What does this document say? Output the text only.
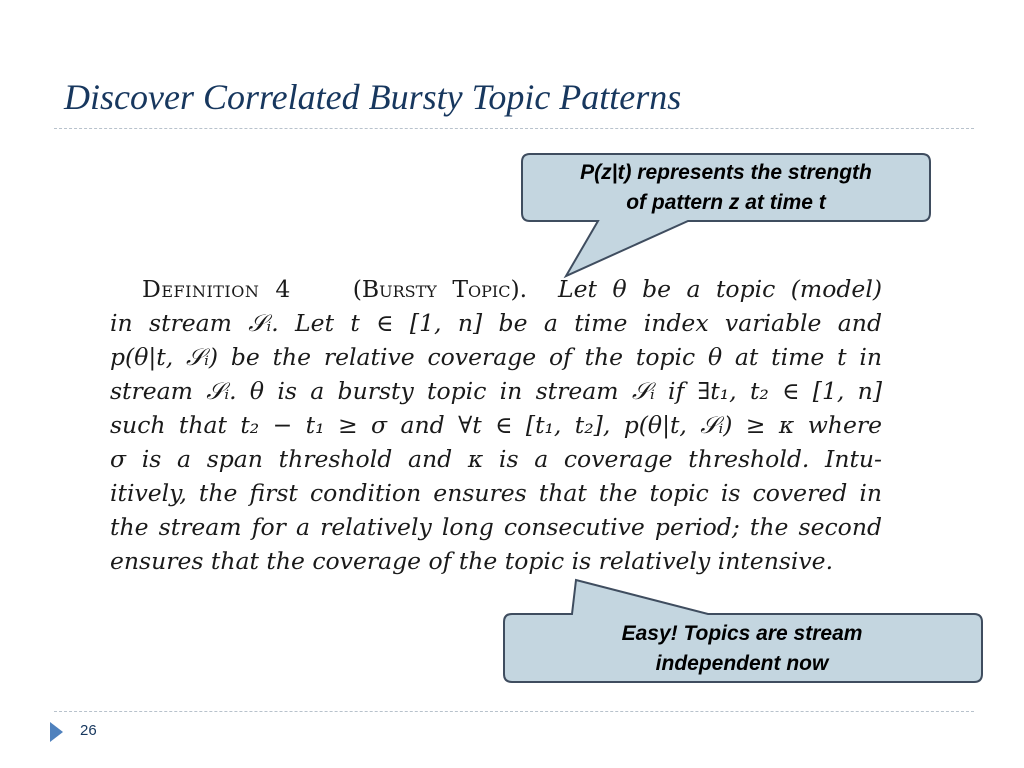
Discover Correlated Bursty Topic Patterns
P(z|t) represents the strength
of pattern z at time t
Easy! Topics are stream
independent now
Definition 4	(Bursty Topic). Let θ be a topic (model)
in stream 𝒮ᵢ. Let t ∈ [1, n] be a time index variable and
p(θ|t, 𝒮ᵢ) be the relative coverage of the topic θ at time t in
stream 𝒮ᵢ. θ is a bursty topic in stream 𝒮ᵢ if ∃t₁, t₂ ∈ [1, n]
such that t₂ − t₁ ≥ σ and ∀t ∈ [t₁, t₂], p(θ|t, 𝒮ᵢ) ≥ κ where
σ is a span threshold and κ is a coverage threshold. Intu-
itively, the first condition ensures that the topic is covered in
the stream for a relatively long consecutive period; the second
ensures that the coverage of the topic is relatively intensive.
26
